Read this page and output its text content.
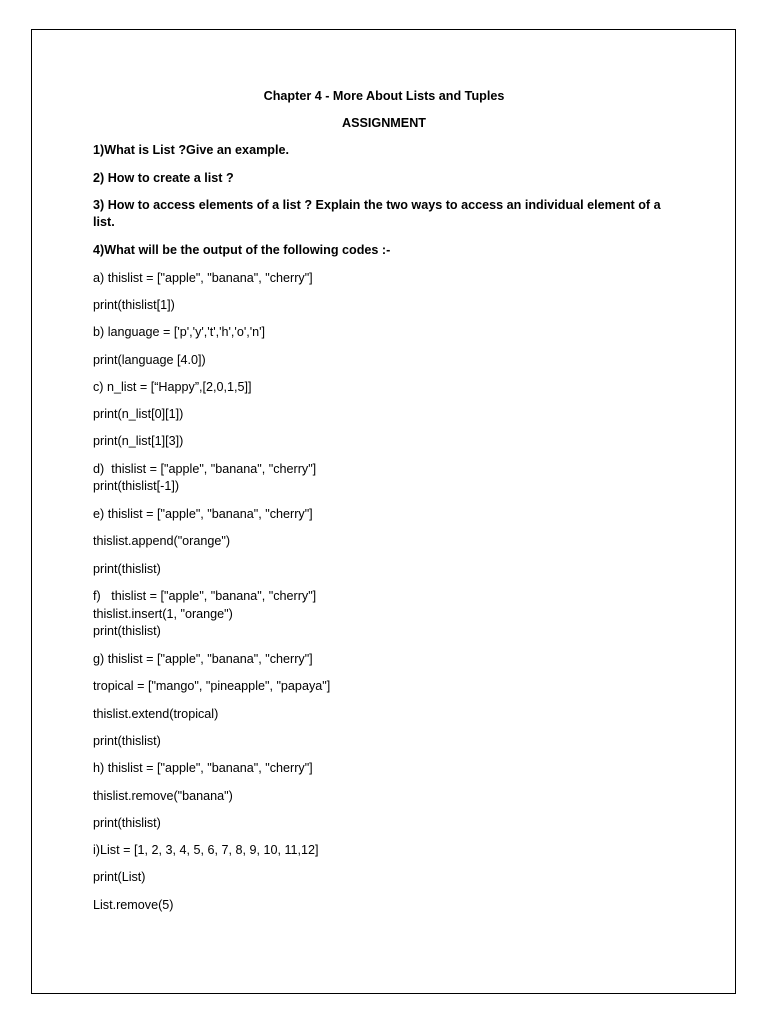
Chapter 4 - More About Lists and Tuples
ASSIGNMENT
1)What is List ?Give an example.
2) How to create a list ?
3) How to access elements of a list ? Explain the two ways to access an individual element of a list.
4)What will be the output of the following codes :-
a) thislist = ["apple", "banana", "cherry"]
print(thislist[1])
b) language = ['p','y','t','h','o','n']
print(language [4.0])
c) n_list = [“Happy”,[2,0,1,5]]
print(n_list[0][1])
print(n_list[1][3])
d)  thislist = ["apple", "banana", "cherry"]
print(thislist[-1])
e) thislist = ["apple", "banana", "cherry"]
thislist.append("orange")
print(thislist)
f)   thislist = ["apple", "banana", "cherry"]
thislist.insert(1, "orange")
print(thislist)
g) thislist = ["apple", "banana", "cherry"]
tropical = ["mango", "pineapple", "papaya"]
thislist.extend(tropical)
print(thislist)
h) thislist = ["apple", "banana", "cherry"]
thislist.remove("banana")
print(thislist)
i)List = [1, 2, 3, 4, 5, 6, 7, 8, 9, 10, 11,12]
print(List)
List.remove(5)
